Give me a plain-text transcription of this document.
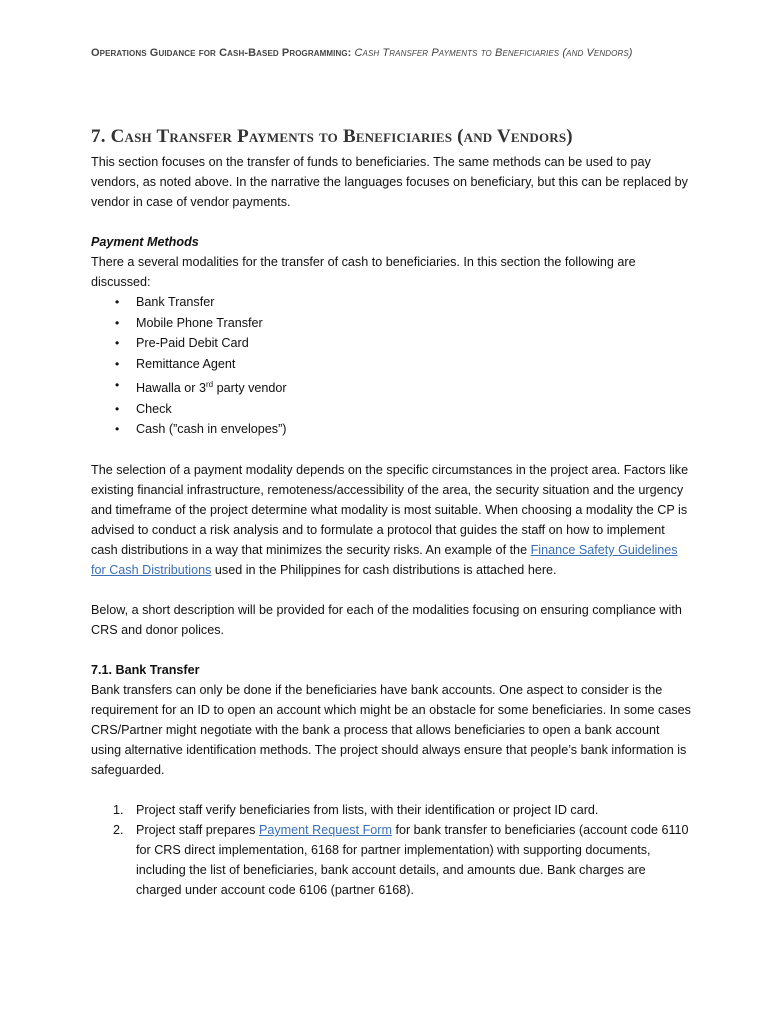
Operations Guidance for Cash-Based Programming: Cash Transfer Payments to Beneficiaries (and Vendors)
7. Cash Transfer Payments to Beneficiaries (and Vendors)

This section focuses on the transfer of funds to beneficiaries. The same methods can be used to pay vendors, as noted above. In the narrative the languages focuses on beneficiary, but this can be replaced by vendor in case of vendor payments.

Payment Methods

There a several modalities for the transfer of cash to beneficiaries. In this section the following are discussed:

• Bank Transfer
• Mobile Phone Transfer
• Pre-Paid Debit Card
• Remittance Agent
• Hawalla or 3rd party vendor
• Check
• Cash (”cash in envelopes”)

The selection of a payment modality depends on the specific circumstances in the project area. Factors like existing financial infrastructure, remoteness/accessibility of the area, the security situation and the urgency and timeframe of the project determine what modality is most suitable. When choosing a modality the CP is advised to conduct a risk analysis and to formulate a protocol that guides the staff on how to implement cash distributions in a way that minimizes the security risks. An example of the Finance Safety Guidelines for Cash Distributions used in the Philippines for cash distributions is attached here.

Below, a short description will be provided for each of the modalities focusing on ensuring compliance with CRS and donor polices.

7.1. Bank Transfer

Bank transfers can only be done if the beneficiaries have bank accounts. One aspect to consider is the requirement for an ID to open an account which might be an obstacle for some beneficiaries. In some cases CRS/Partner might negotiate with the bank a process that allows beneficiaries to open a bank account using alternative identification methods. The project should always ensure that people’s bank information is safeguarded.

1. Project staff verify beneficiaries from lists, with their identification or project ID card.
2. Project staff prepares Payment Request Form for bank transfer to beneficiaries (account code 6110 for CRS direct implementation, 6168 for partner implementation) with supporting documents, including the list of beneficiaries, bank account details, and amounts due. Bank charges are charged under account code 6106 (partner 6168).
